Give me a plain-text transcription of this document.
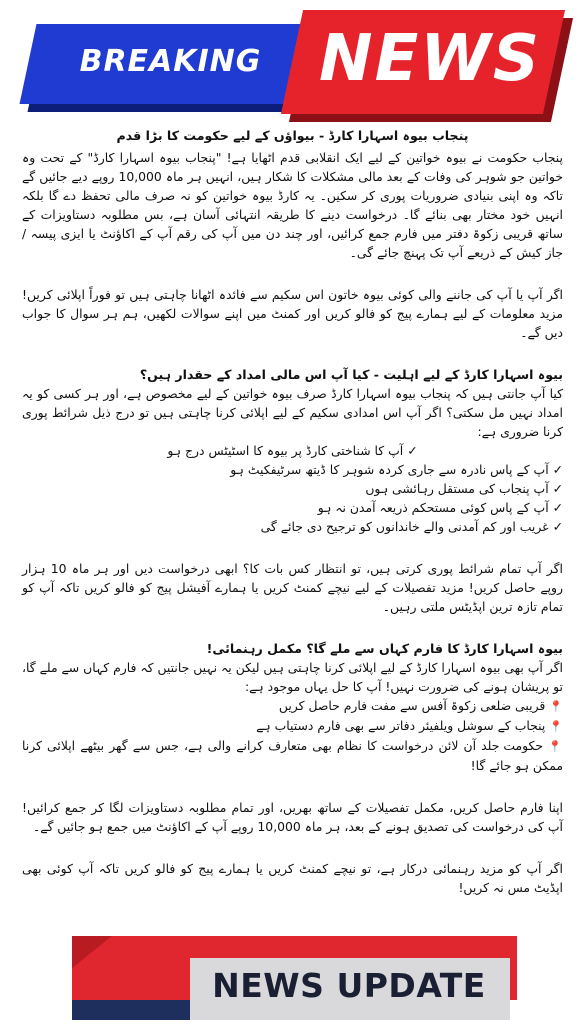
BREAKING NEWS

پنجاب بیوہ اسہارا کارڈ - بیواؤں کے لیے حکومت کا بڑا قدم

پنجاب حکومت نے بیوہ خواتین کے لیے ایک انقلابی قدم اٹھایا ہے! "پنجاب بیوہ اسہارا کارڈ" کے تحت وہ خواتین جو شوہر کی وفات کے بعد مالی مشکلات کا شکار ہیں، انہیں ہر ماہ 10,000 روپے دیے جائیں گے تاکہ وہ اپنی بنیادی ضروریات پوری کر سکیں۔ یہ کارڈ بیوہ خواتین کو نہ صرف مالی تحفظ دے گا بلکہ انہیں خود مختار بھی بنائے گا۔ درخواست دینے کا طریقہ انتہائی آسان ہے، بس مطلوبہ دستاویزات کے ساتھ قریبی زکوۃ دفتر میں فارم جمع کرائیں، اور چند دن میں آپ کی رقم آپ کے اکاؤنٹ یا ایزی پیسہ / جاز کیش کے ذریعے آپ تک پہنچ جائے گی۔

اگر آپ یا آپ کی جاننے والی کوئی بیوہ خاتون اس سکیم سے فائدہ اٹھانا چاہتی ہیں تو فوراً اپلائی کریں! مزید معلومات کے لیے ہمارے پیج کو فالو کریں اور کمنٹ میں اپنے سوالات لکھیں، ہم ہر سوال کا جواب دیں گے۔

بیوہ اسہارا کارڈ کے لیے اہلیت - کیا آپ اس مالی امداد کے حقدار ہیں؟

کیا آپ جانتی ہیں کہ پنجاب بیوہ اسہارا کارڈ صرف بیوہ خواتین کے لیے مخصوص ہے، اور ہر کسی کو یہ امداد نہیں مل سکتی؟ اگر آپ اس امدادی سکیم کے لیے اپلائی کرنا چاہتی ہیں تو درج ذیل شرائط پوری کرنا ضروری ہے:

✓ آپ کا شناختی کارڈ پر بیوہ کا اسٹیٹس درج ہو
✓ آپ کے پاس نادرہ سے جاری کردہ شوہر کا ڈیتھ سرٹیفکیٹ ہو
✓ آپ پنجاب کی مستقل رہائشی ہوں
✓ آپ کے پاس کوئی مستحکم ذریعہ آمدن نہ ہو
✓ غریب اور کم آمدنی والے خاندانوں کو ترجیح دی جائے گی

اگر آپ تمام شرائط پوری کرتی ہیں، تو انتظار کس بات کا؟ ابھی درخواست دیں اور ہر ماہ 10 ہزار روپے حاصل کریں! مزید تفصیلات کے لیے نیچے کمنٹ کریں یا ہمارے آفیشل پیج کو فالو کریں تاکہ آپ کو تمام تازہ ترین اپڈیٹس ملتی رہیں۔

بیوہ اسہارا کارڈ کا فارم کہاں سے ملے گا؟ مکمل رہنمائی!

اگر آپ بھی بیوہ اسہارا کارڈ کے لیے اپلائی کرنا چاہتی ہیں لیکن یہ نہیں جانتیں کہ فارم کہاں سے ملے گا، تو پریشان ہونے کی ضرورت نہیں! آپ کا حل یہاں موجود ہے:

📍 قریبی ضلعی زکوۃ آفس سے مفت فارم حاصل کریں
📍 پنجاب کے سوشل ویلفیئر دفاتر سے بھی فارم دستیاب ہے
📍 حکومت جلد آن لائن درخواست کا نظام بھی متعارف کرانے والی ہے، جس سے گھر بیٹھے اپلائی کرنا ممکن ہو جائے گا!

اپنا فارم حاصل کریں، مکمل تفصیلات کے ساتھ بھریں، اور تمام مطلوبہ دستاویزات لگا کر جمع کرائیں! آپ کی درخواست کی تصدیق ہونے کے بعد، ہر ماہ 10,000 روپے آپ کے اکاؤنٹ میں جمع ہو جائیں گے۔

اگر آپ کو مزید رہنمائی درکار ہے، تو نیچے کمنٹ کریں یا ہمارے پیج کو فالو کریں تاکہ آپ کوئی بھی اپڈیٹ مس نہ کریں!

NEWS UPDATE
